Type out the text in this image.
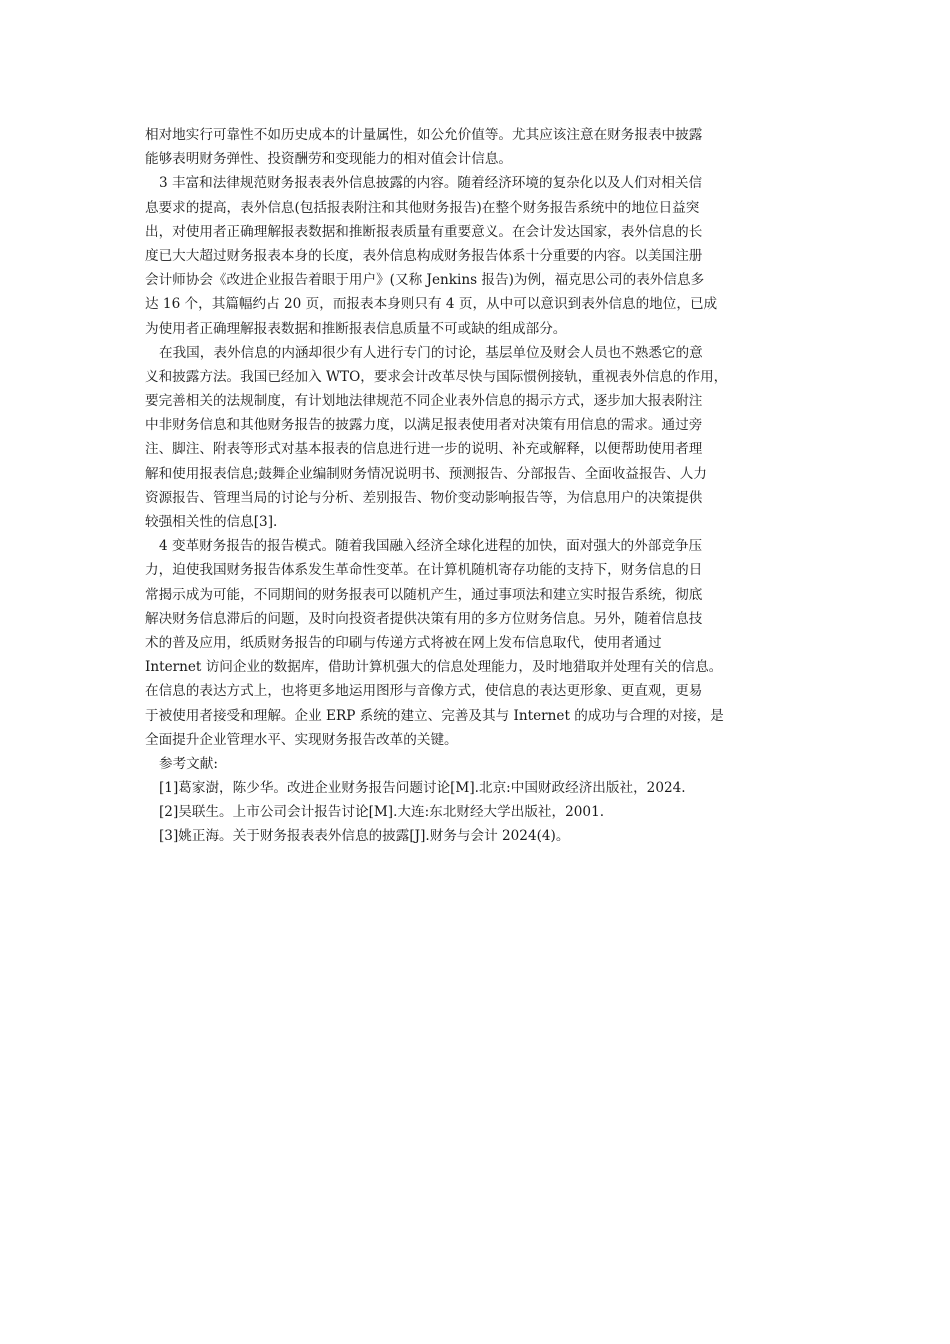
相对地实行可靠性不如历史成本的计量属性，如公允价值等。尤其应该注意在财务报表中披露
能够表明财务弹性、投资酬劳和变现能力的相对值会计信息。
3 丰富和法律规范财务报表表外信息披露的内容。随着经济环境的复杂化以及人们对相关信
息要求的提高，表外信息(包括报表附注和其他财务报告)在整个财务报告系统中的地位日益突
出，对使用者正确理解报表数据和推断报表质量有重要意义。在会计发达国家，表外信息的长
度已大大超过财务报表本身的长度，表外信息构成财务报告体系十分重要的内容。以美国注册
会计师协会《改进企业报告着眼于用户》(又称 Jenkins 报告)为例，福克思公司的表外信息多
达 16 个，其篇幅约占 20 页，而报表本身则只有 4 页，从中可以意识到表外信息的地位，已成
为使用者正确理解报表数据和推断报表信息质量不可或缺的组成部分。
在我国，表外信息的内涵却很少有人进行专门的讨论，基层单位及财会人员也不熟悉它的意
义和披露方法。我国已经加入 WTO，要求会计改革尽快与国际惯例接轨，重视表外信息的作用，
要完善相关的法规制度，有计划地法律规范不同企业表外信息的揭示方式，逐步加大报表附注
中非财务信息和其他财务报告的披露力度，以满足报表使用者对决策有用信息的需求。通过旁
注、脚注、附表等形式对基本报表的信息进行进一步的说明、补充或解释，以便帮助使用者理
解和使用报表信息;鼓舞企业编制财务情况说明书、预测报告、分部报告、全面收益报告、人力
资源报告、管理当局的讨论与分析、差别报告、物价变动影响报告等，为信息用户的决策提供
较强相关性的信息[3].
4 变革财务报告的报告模式。随着我国融入经济全球化进程的加快，面对强大的外部竞争压
力，迫使我国财务报告体系发生革命性变革。在计算机随机寄存功能的支持下，财务信息的日
常揭示成为可能，不同期间的财务报表可以随机产生，通过事项法和建立实时报告系统，彻底
解决财务信息滞后的问题，及时向投资者提供决策有用的多方位财务信息。另外，随着信息技
术的普及应用，纸质财务报告的印刷与传递方式将被在网上发布信息取代，使用者通过
Internet 访问企业的数据库，借助计算机强大的信息处理能力，及时地猎取并处理有关的信息。
在信息的表达方式上，也将更多地运用图形与音像方式，使信息的表达更形象、更直观，更易
于被使用者接受和理解。企业 ERP 系统的建立、完善及其与 Internet 的成功与合理的对接，是
全面提升企业管理水平、实现财务报告改革的关键。
参考文献:
[1]葛家澍，陈少华。改进企业财务报告问题讨论[M].北京:中国财政经济出版社，2024.
[2]吴联生。上市公司会计报告讨论[M].大连:东北财经大学出版社，2001.
[3]姚正海。关于财务报表表外信息的披露[J].财务与会计 2024(4)。
